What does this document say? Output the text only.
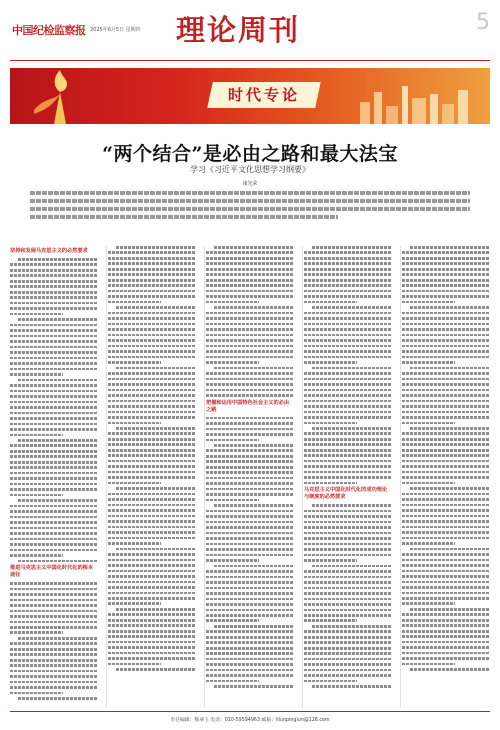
中国纪检监察报 2025年6月5日 星期四 理论周刊	5
时代专论
“两个结合”是必由之路和最大法宝
学习《习近平文化思想学习纲要》
康光荣
坚持和发展马克思主义的必然要求
推进马克思主义中国化时代化的根本途径
把握和运用中国特色社会主义的必由之路
马克思主义中国化时代化的成功理论与制度的必然要求
责任编辑：熊翠玉 电话：010-59594963 邮箱：lilunpinglun@126.com
